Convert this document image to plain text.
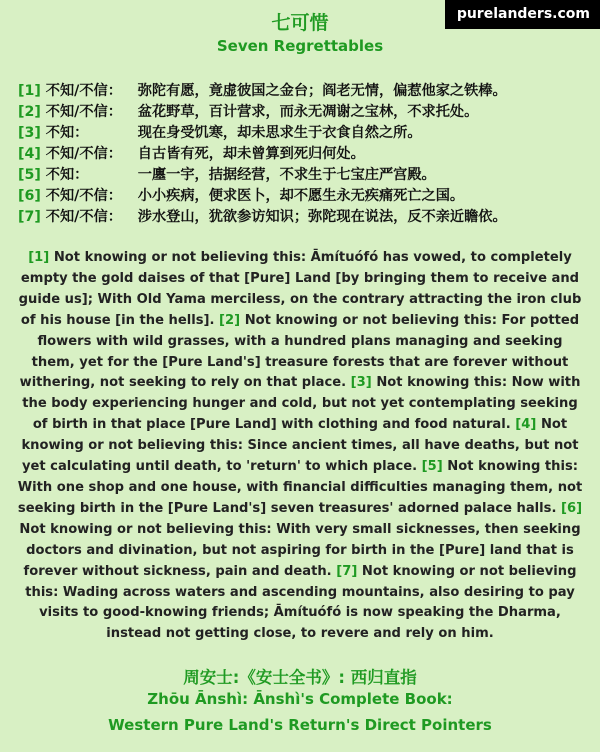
purelanders.com
七可惜
Seven Regrettables
[1] 不知/不信： 弥陀有愿，竟虚彼国之金台；阎老无情，偏惹他家之铁棒。
[2] 不知/不信： 盆花野草，百计营求，而永无凋谢之宝林，不求托处。
[3] 不知：	现在身受饥寒，却未思求生于衣食自然之所。
[4] 不知/不信： 自古皆有死，却未曾算到死归何处。
[5] 不知：	一廛一宇，拮据经营，不求生于七宝庄严宫殿。
[6] 不知/不信： 小小疾病，便求医卜，却不愿生永无疾痛死亡之国。
[7] 不知/不信： 涉水登山，犹欲参访知识；弥陀现在说法，反不亲近瞻依。

[1] Not knowing or not believing this: Āmítuófó has vowed, to completely empty the gold daises of that [Pure] Land [by bringing them to receive and guide us]; With Old Yama merciless, on the contrary attracting the iron club of his house [in the hells]. [2] Not knowing or not believing this: For potted flowers with wild grasses, with a hundred plans managing and seeking them, yet for the [Pure Land's] treasure forests that are forever without withering, not seeking to rely on that place. [3] Not knowing this: Now with the body experiencing hunger and cold, but not yet contemplating seeking of birth in that place [Pure Land] with clothing and food natural. [4] Not knowing or not believing this: Since ancient times, all have deaths, but not yet calculating until death, to 'return' to which place. [5] Not knowing this: With one shop and one house, with financial difficulties managing them, not seeking birth in the [Pure Land's] seven treasures' adorned palace halls. [6] Not knowing or not believing this: With very small sicknesses, then seeking doctors and divination, but not aspiring for birth in the [Pure] land that is forever without sickness, pain and death. [7] Not knowing or not believing this: Wading across waters and ascending mountains, also desiring to pay visits to good-knowing friends; Āmítuófó is now speaking the Dharma, instead not getting close, to revere and rely on him.

周安士:《安士全书》: 西归直指
Zhōu Ānshì: Ānshì's Complete Book:
Western Pure Land's Return's Direct Pointers
